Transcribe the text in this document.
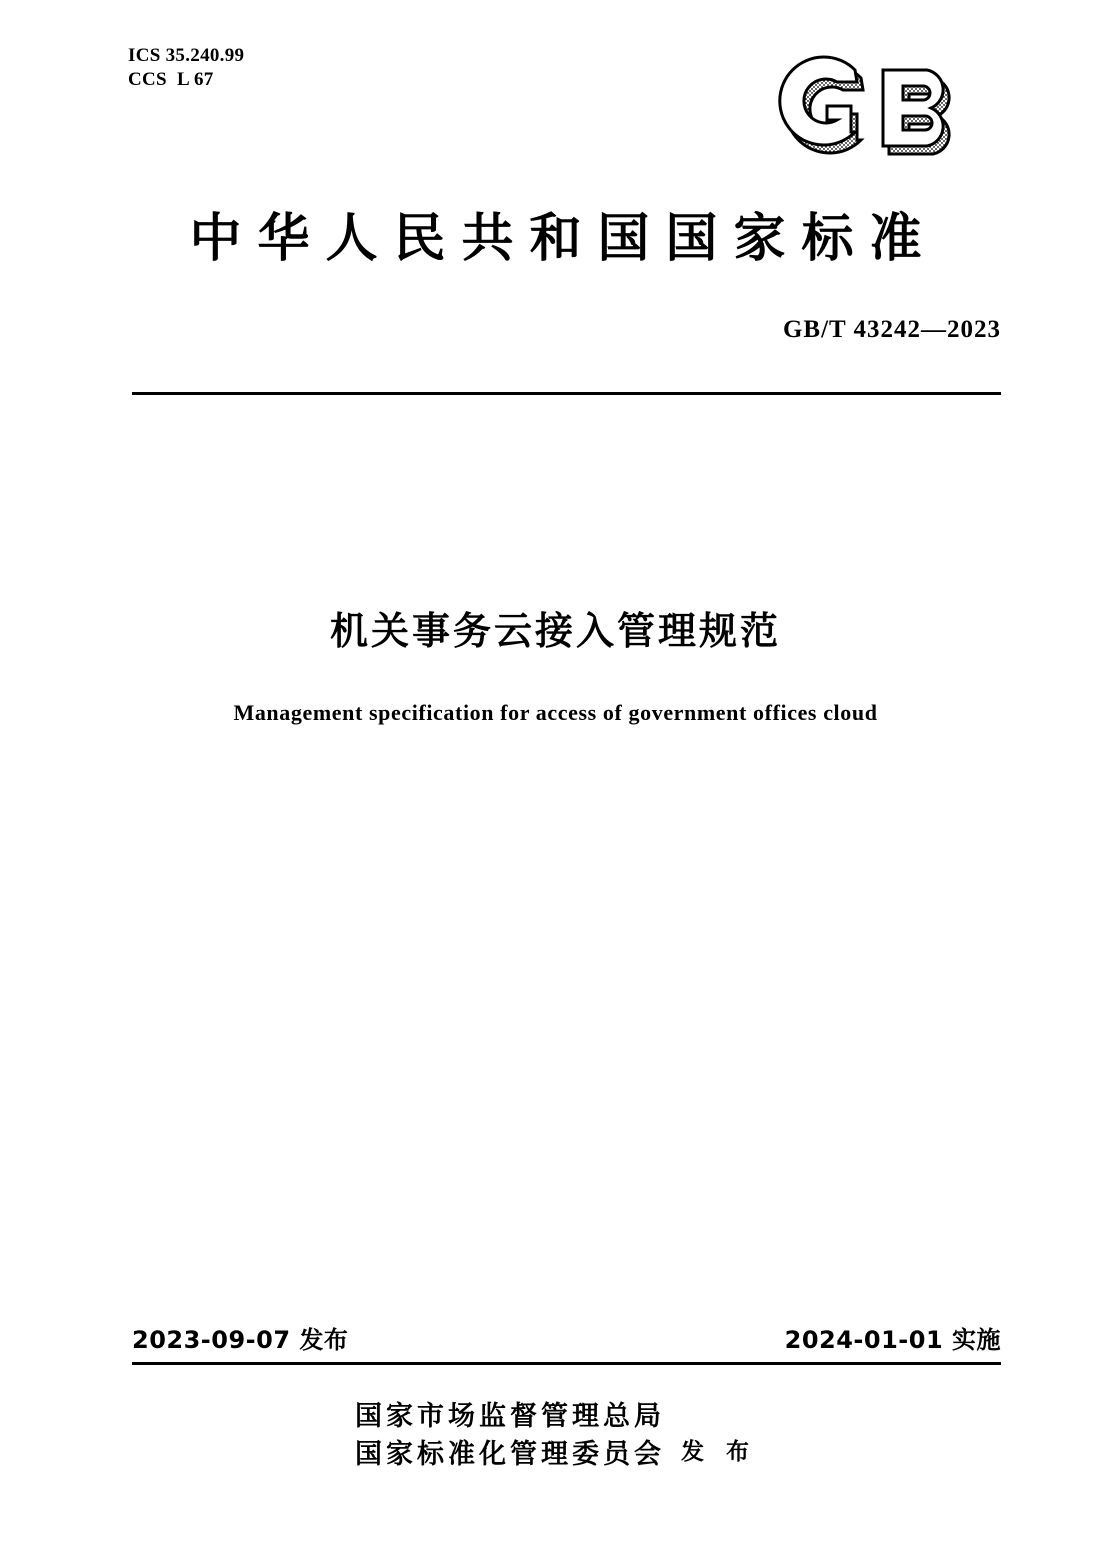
ICS 35.240.99
CCS  L 67
中华人民共和国国家标准
GB/T 43242—2023
机关事务云接入管理规范
Management specification for access of government offices cloud
2023-09-07 发布	2024-01-01 实施
国家市场监督管理总局
国家标准化管理委员会 发 布
